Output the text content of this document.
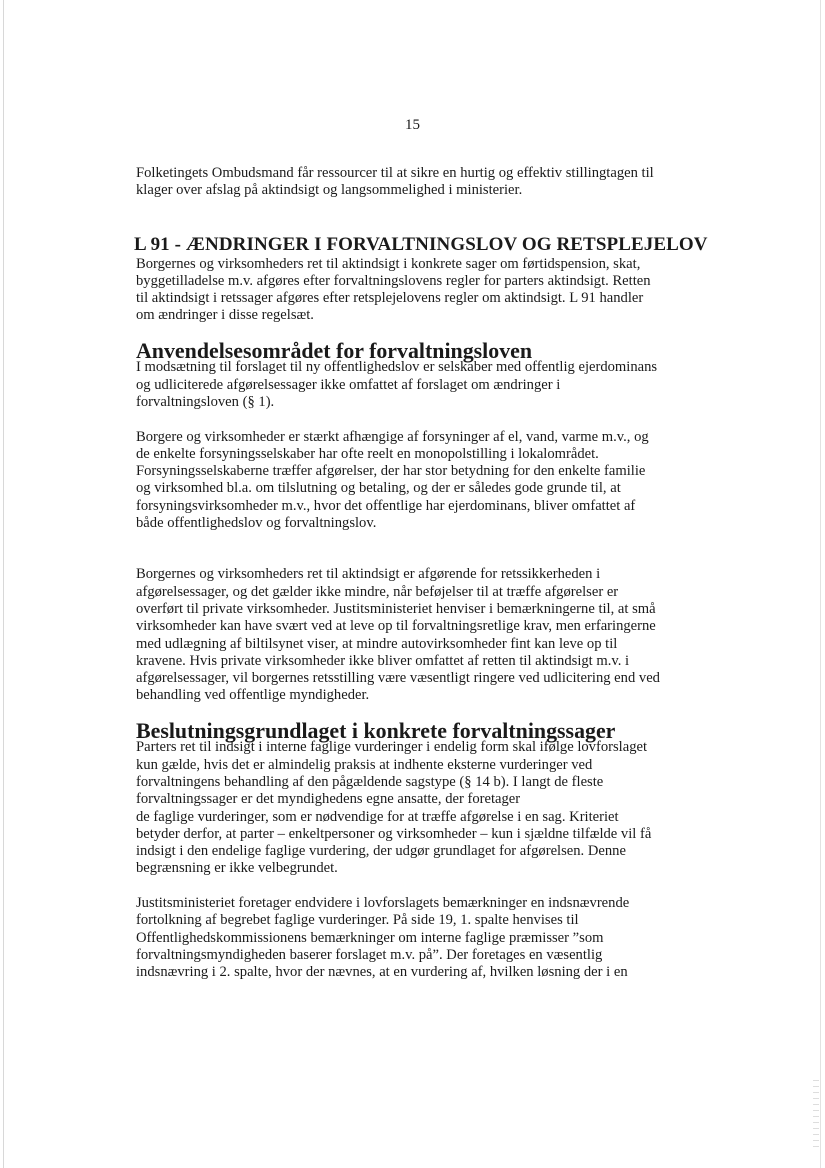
15

Folketingets Ombudsmand får ressourcer til at sikre en hurtig og effektiv stillingtagen til
klager over afslag på aktindsigt og langsommelighed i ministerier.

L 91 - ÆNDRINGER I FORVALTNINGSLOV OG RETSPLEJELOV

Borgernes og virksomheders ret til aktindsigt i konkrete sager om førtidspension, skat,
byggetilladelse m.v. afgøres efter forvaltningslovens regler for parters aktindsigt. Retten
til aktindsigt i retssager afgøres efter retsplejelovens regler om aktindsigt. L 91 handler
om ændringer i disse regelsæt.

Anvendelsesområdet for forvaltningsloven

I modsætning til forslaget til ny offentlighedslov er selskaber med offentlig ejerdominans
og udliciterede afgørelsessager ikke omfattet af forslaget om ændringer i
forvaltningsloven (§ 1).

Borgere og virksomheder er stærkt afhængige af forsyninger af el, vand, varme m.v., og
de enkelte forsyningsselskaber har ofte reelt en monopolstilling i lokalområdet.
Forsyningsselskaberne træffer afgørelser, der har stor betydning for den enkelte familie
og virksomhed bl.a. om tilslutning og betaling, og der er således gode grunde til, at
forsyningsvirksomheder m.v., hvor det offentlige har ejerdominans, bliver omfattet af
både offentlighedslov og forvaltningslov.

Borgernes og virksomheders ret til aktindsigt er afgørende for retssikkerheden i
afgørelsessager, og det gælder ikke mindre, når beføjelser til at træffe afgørelser er
overført til private virksomheder. Justitsministeriet henviser i bemærkningerne til, at små
virksomheder kan have svært ved at leve op til forvaltningsretlige krav, men erfaringerne
med udlægning af biltilsynet viser, at mindre autovirksomheder fint kan leve op til
kravene. Hvis private virksomheder ikke bliver omfattet af retten til aktindsigt m.v. i
afgørelsessager, vil borgernes retsstilling være væsentligt ringere ved udlicitering end ved
behandling ved offentlige myndigheder.

Beslutningsgrundlaget i konkrete forvaltningssager

Parters ret til indsigt i interne faglige vurderinger i endelig form skal ifølge lovforslaget
kun gælde, hvis det er almindelig praksis at indhente eksterne vurderinger ved
forvaltningens behandling af den pågældende sagstype (§ 14 b). I langt de fleste
forvaltningssager er det myndighedens egne ansatte, der foretager
de faglige vurderinger, som er nødvendige for at træffe afgørelse i en sag. Kriteriet
betyder derfor, at parter – enkeltpersoner og virksomheder – kun i sjældne tilfælde vil få
indsigt i den endelige faglige vurdering, der udgør grundlaget for afgørelsen. Denne
begrænsning er ikke velbegrundet.

Justitsministeriet foretager endvidere i lovforslagets bemærkninger en indsnævrende
fortolkning af begrebet faglige vurderinger. På side 19, 1. spalte henvises til
Offentlighedskommissionens bemærkninger om interne faglige præmisser ”som
forvaltningsmyndigheden baserer forslaget m.v. på”. Der foretages en væsentlig
indsnævring i 2. spalte, hvor der nævnes, at en vurdering af, hvilken løsning der i en
